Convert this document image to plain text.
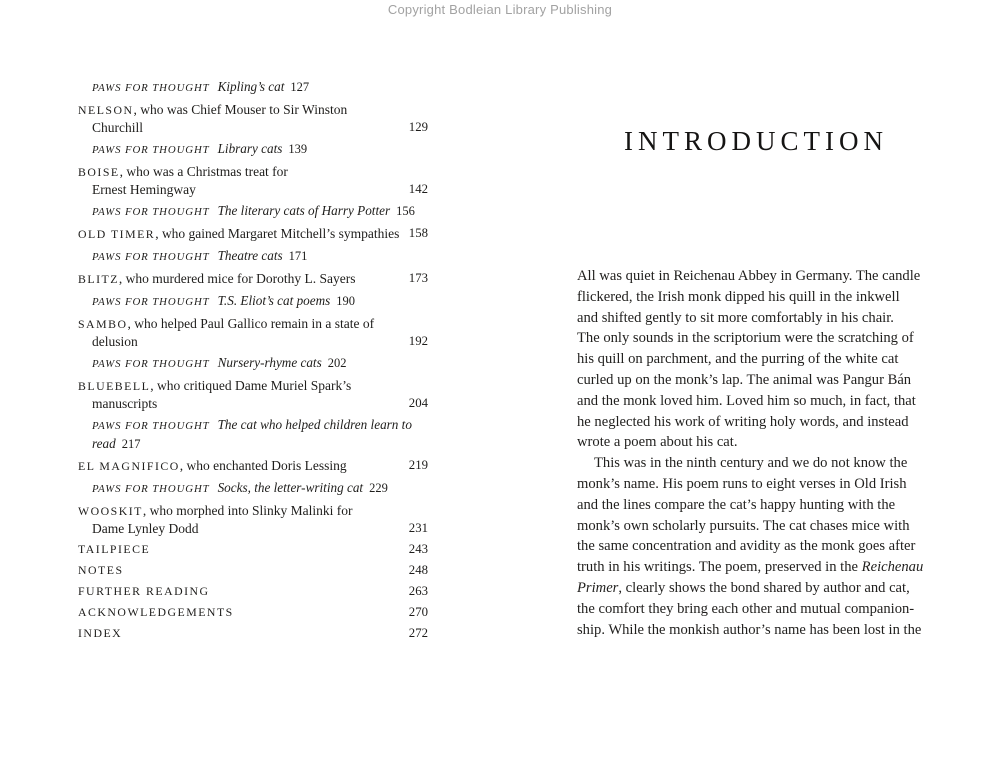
Copyright Bodleian Library Publishing
PAWS FOR THOUGHT Kipling’s cat 127
NELSON, who was Chief Mouser to Sir Winston
Churchill	129
PAWS FOR THOUGHT Library cats 139
BOISE, who was a Christmas treat for
Ernest Hemingway	142
PAWS FOR THOUGHT The literary cats of Harry Potter 156
OLD TIMER, who gained Margaret Mitchell’s sympathies 158
PAWS FOR THOUGHT Theatre cats 171
BLITZ, who murdered mice for Dorothy L. Sayers	173
PAWS FOR THOUGHT T.S. Eliot’s cat poems 190
SAMBO, who helped Paul Gallico remain in a state of
delusion	192
PAWS FOR THOUGHT Nursery-rhyme cats 202
BLUEBELL, who critiqued Dame Muriel Spark’s
manuscripts	204
PAWS FOR THOUGHT The cat who helped children learn to
read 217
EL MAGNIFICO, who enchanted Doris Lessing	219
PAWS FOR THOUGHT Socks, the letter-writing cat 229
WOOSKIT, who morphed into Slinky Malinki for
Dame Lynley Dodd	231
TAILPIECE	243
NOTES	248
FURTHER READING	263
ACKNOWLEDGEMENTS	270
INDEX	272
INTRODUCTION
All was quiet in Reichenau Abbey in Germany. The candle
flickered, the Irish monk dipped his quill in the inkwell
and shifted gently to sit more comfortably in his chair.
The only sounds in the scriptorium were the scratching of
his quill on parchment, and the purring of the white cat
curled up on the monk’s lap. The animal was Pangur Bán
and the monk loved him. Loved him so much, in fact, that
he neglected his work of writing holy words, and instead
wrote a poem about his cat.
This was in the ninth century and we do not know the
monk’s name. His poem runs to eight verses in Old Irish
and the lines compare the cat’s happy hunting with the
monk’s own scholarly pursuits. The cat chases mice with
the same concentration and avidity as the monk goes after
truth in his writings. The poem, preserved in the Reichenau
Primer, clearly shows the bond shared by author and cat,
the comfort they bring each other and mutual companion-
ship. While the monkish author’s name has been lost in the
